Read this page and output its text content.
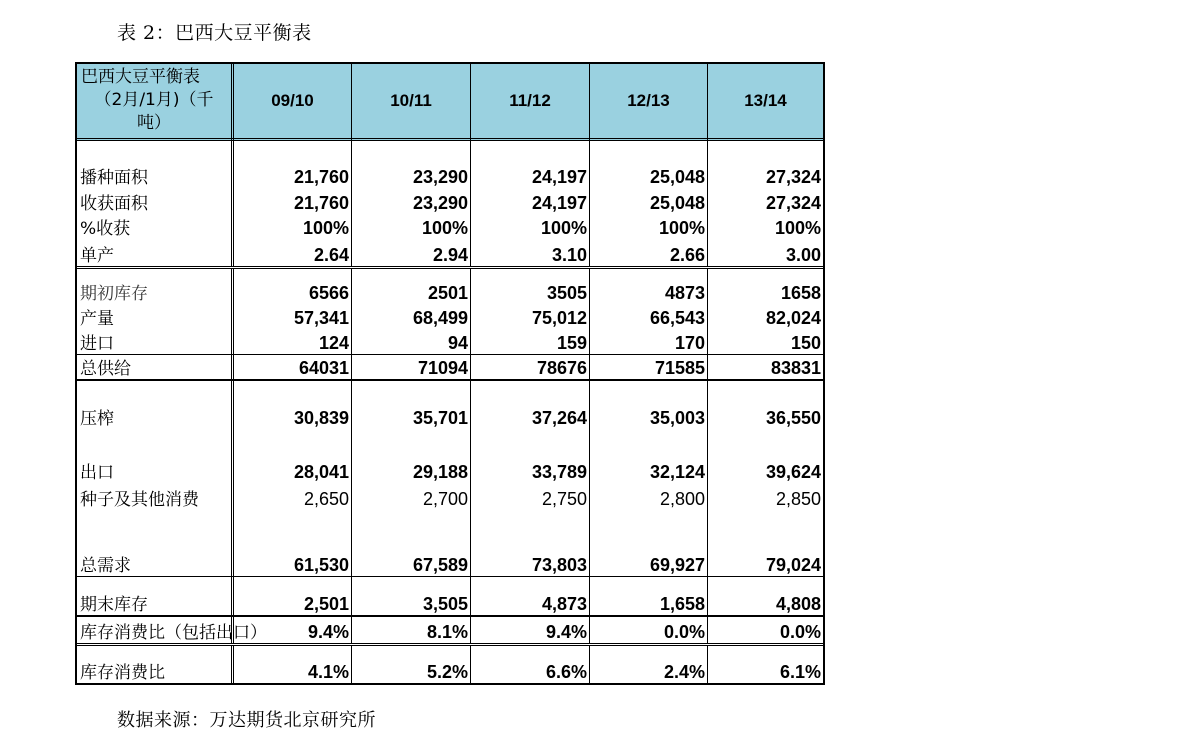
表 2：巴西大豆平衡表
巴西大豆平衡表
（2月/1月)（千
吨）
09/10	10/11	11/12	12/13	13/14
播种面积	21,760	23,290	24,197	25,048	27,324
收获面积	21,760	23,290	24,197	25,048	27,324
%收获	100%	100%	100%	100%	100%
单产	2.64	2.94	3.10	2.66	3.00
期初库存	6566	2501	3505	4873	1658
产量	57,341	68,499	75,012	66,543	82,024
进口	124	94	159	170	150
总供给	64031	71094	78676	71585	83831
压榨	30,839	35,701	37,264	35,003	36,550
出口	28,041	29,188	33,789	32,124	39,624
种子及其他消费	2,650	2,700	2,750	2,800	2,850
总需求	61,530	67,589	73,803	69,927	79,024
期末库存	2,501	3,505	4,873	1,658	4,808
库存消费比（包括出口）	9.4%	8.1%	9.4%	0.0%	0.0%
库存消费比	4.1%	5.2%	6.6%	2.4%	6.1%
数据来源：万达期货北京研究所
